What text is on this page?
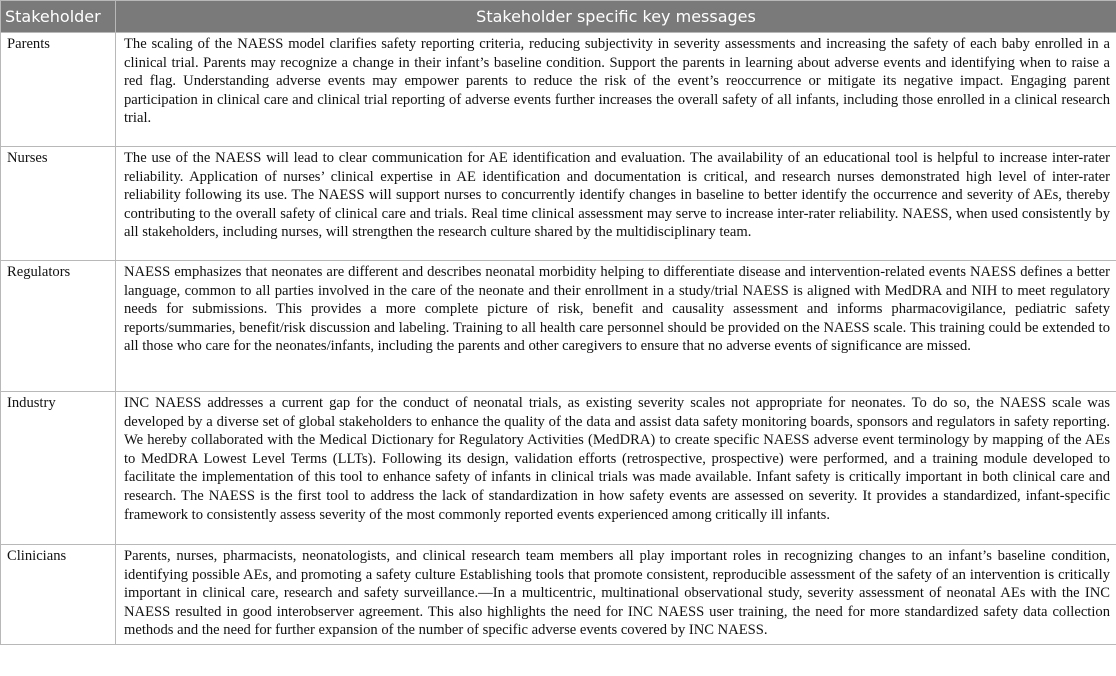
Stakeholder	Stakeholder specific key messages
Parents	The scaling of the NAESS model clarifies safety reporting criteria, reducing subjectivity in severity assessments and increasing the safety of each baby enrolled in a clinical trial. Parents may recognize a change in their infant’s baseline condition. Support the parents in learning about adverse events and identifying when to raise a red flag. Understanding adverse events may empower parents to reduce the risk of the event’s reoccurrence or mitigate its negative impact. Engaging parent participation in clinical care and clinical trial reporting of adverse events further increases the overall safety of all infants, including those enrolled in a clinical research trial.
Nurses	The use of the NAESS will lead to clear communication for AE identification and evaluation. The availability of an educational tool is helpful to increase inter-rater reliability. Application of nurses’ clinical expertise in AE identification and documentation is critical, and research nurses demonstrated high level of inter-rater reliability following its use. The NAESS will support nurses to concurrently identify changes in baseline to better identify the occurrence and severity of AEs, thereby contributing to the overall safety of clinical care and trials. Real time clinical assessment may serve to increase inter-rater reliability. NAESS, when used consistently by all stakeholders, including nurses, will strengthen the research culture shared by the multidisciplinary team.
Regulators	NAESS emphasizes that neonates are different and describes neonatal morbidity helping to differentiate disease and intervention-related events NAESS defines a better language, common to all parties involved in the care of the neonate and their enrollment in a study/trial NAESS is aligned with MedDRA and NIH to meet regulatory needs for submissions. This provides a more complete picture of risk, benefit and causality assessment and informs pharmacovigilance, pediatric safety reports/summaries, benefit/risk discussion and labeling. Training to all health care personnel should be provided on the NAESS scale. This training could be extended to all those who care for the neonates/infants, including the parents and other caregivers to ensure that no adverse events of significance are missed.
Industry	INC NAESS addresses a current gap for the conduct of neonatal trials, as existing severity scales not appropriate for neonates. To do so, the NAESS scale was developed by a diverse set of global stakeholders to enhance the quality of the data and assist data safety monitoring boards, sponsors and regulators in safety reporting. We hereby collaborated with the Medical Dictionary for Regulatory Activities (MedDRA) to create specific NAESS adverse event terminology by mapping of the AEs to MedDRA Lowest Level Terms (LLTs). Following its design, validation efforts (retrospective, prospective) were performed, and a training module developed to facilitate the implementation of this tool to enhance safety of infants in clinical trials was made available. Infant safety is critically important in both clinical care and research. The NAESS is the first tool to address the lack of standardization in how safety events are assessed on severity. It provides a standardized, infant-specific framework to consistently assess severity of the most commonly reported events experienced among critically ill infants.
Clinicians	Parents, nurses, pharmacists, neonatologists, and clinical research team members all play important roles in recognizing changes to an infant’s baseline condition, identifying possible AEs, and promoting a safety culture Establishing tools that promote consistent, reproducible assessment of the safety of an intervention is critically important in clinical care, research and safety surveillance.—In a multicentric, multinational observational study, severity assessment of neonatal AEs with the INC NAESS resulted in good interobserver agreement. This also highlights the need for INC NAESS user training, the need for more standardized safety data collection methods and the need for further expansion of the number of specific adverse events covered by INC NAESS.
